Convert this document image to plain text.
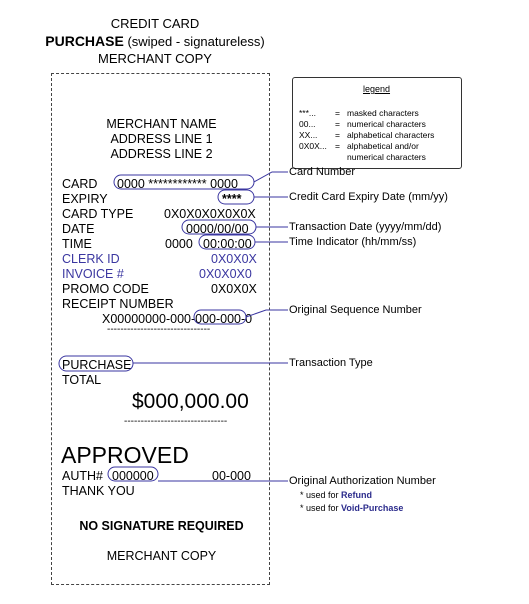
CREDIT CARD
PURCHASE (swiped - signatureless)
MERCHANT COPY
MERCHANT NAME
ADDRESS LINE 1
ADDRESS LINE 2
CARD 0000 ************ 0000
EXPIRY	****
CARD TYPE 0X0X0X0X0X0X
DATE	0000/00/00
TIME	0000 00:00:00
CLERK ID	0X0X0X
INVOICE #	0X0X0X0
PROMO CODE	0X0X0X
RECEIPT NUMBER
X00000000-000-000-000-0
-------------------------------
PURCHASE
TOTAL
$000,000.00
-------------------------------
APPROVED
AUTH# 000000	00-000
THANK YOU
NO SIGNATURE REQUIRED
MERCHANT COPY
legend
***... = masked characters
00... = numerical characters
XX... = alphabetical characters
0X0X... = alphabetical and/or
numerical characters
Card Number
Credit Card Expiry Date (mm/yy)
Transaction Date (yyyy/mm/dd)
Time Indicator (hh/mm/ss)
Original Sequence Number
Transaction Type
Original Authorization Number
* used for Refund
* used for Void-Purchase
